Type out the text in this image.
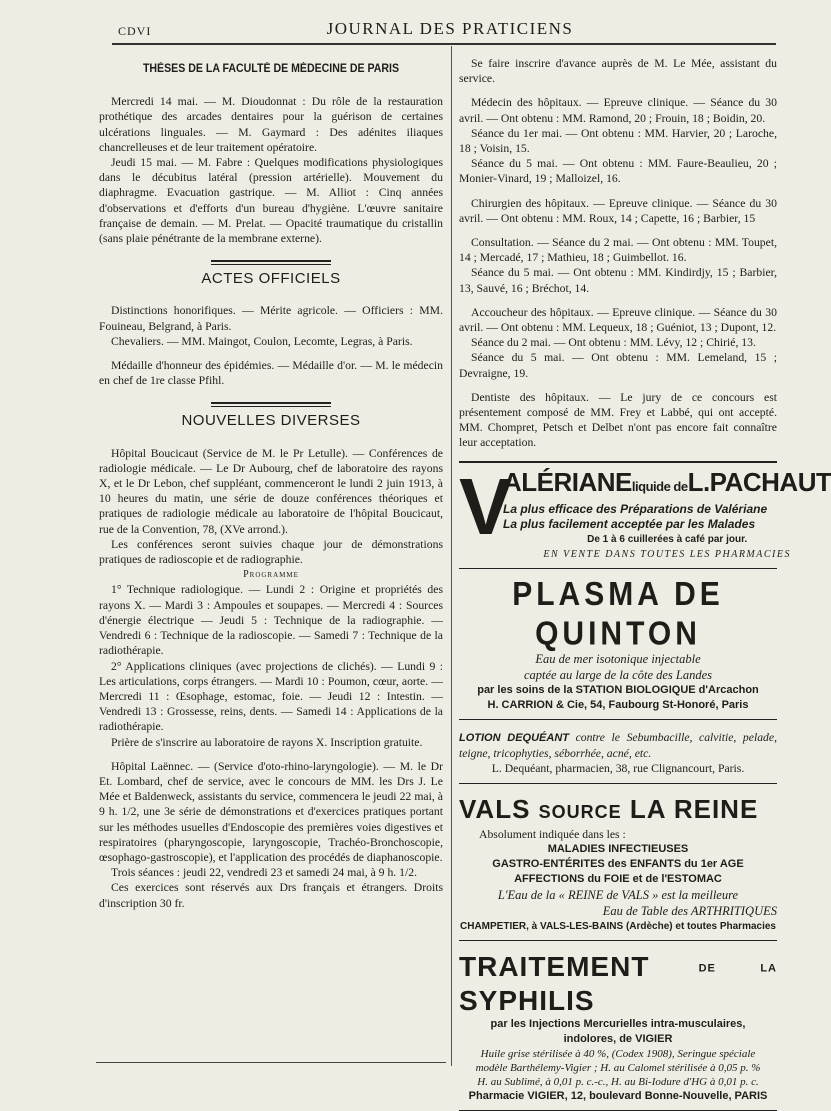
CDVI	JOURNAL DES PRATICIENS
THÈSES DE LA FACULTÉ DE MÉDECINE DE PARIS

Mercredi 14 mai. — M. Dioudonnat : Du rôle de la restauration prothétique des arcades dentaires pour la guérison de certaines ulcérations linguales. — M. Gaymard : Des adénites iliaques chancrelleuses et de leur traitement opératoire.

Jeudi 15 mai. — M. Fabre : Quelques modifications physiologiques dans le décubitus latéral (pression artérielle). Mouvement du diaphragme. Evacuation gastrique. — M. Alliot : Cinq années d'observations et d'efforts d'un bureau d'hygiène. L'œuvre sanitaire française de demain. — M. Prelat. — Opacité traumatique du cristallin (sans plaie pénétrante de la membrane externe).

ACTES OFFICIELS

Distinctions honorifiques. — Mérite agricole. — Officiers : MM. Fouineau, Belgrand, à Paris.

Chevaliers. — MM. Maingot, Coulon, Lecomte, Legras, à Paris.

Médaille d'honneur des épidémies. — Médaille d'or. — M. le médecin en chef de 1re classe Pfihl.

NOUVELLES DIVERSES

Hôpital Boucicaut (Service de M. le Pr Letulle). — Conférences de radiologie médicale. — Le Dr Aubourg, chef de laboratoire des rayons X, et le Dr Lebon, chef suppléant, commenceront le lundi 2 juin 1913, à 10 heures du matin, une série de douze conférences théoriques et pratiques de radiologie médicale au laboratoire de l'hôpital Boucicaut, rue de la Convention, 78, (XVe arrond.).

Les conférences seront suivies chaque jour de démonstrations pratiques de radioscopie et de radiographie.

Programme

1° Technique radiologique. — Lundi 2 : Origine et propriétés des rayons X. — Mardi 3 : Ampoules et soupapes. — Mercredi 4 : Sources d'énergie électrique — Jeudi 5 : Technique de la radiographie. — Vendredi 6 : Technique de la radioscopie. — Samedi 7 : Technique de la radiothérapie.

2° Applications cliniques (avec projections de clichés). — Lundi 9 : Les articulations, corps étrangers. — Mardi 10 : Poumon, cœur, aorte. — Mercredi 11 : Œsophage, estomac, foie. — Jeudi 12 : Intestin. — Vendredi 13 : Grossesse, reins, dents. — Samedi 14 : Applications de la radiothérapie.

Prière de s'inscrire au laboratoire de rayons X. Inscription gratuite.

Hôpital Laënnec. — (Service d'oto-rhino-laryngologie). — M. le Dr Et. Lombard, chef de service, avec le concours de MM. les Drs J. Le Mée et Baldenweck, assistants du service, commencera le jeudi 22 mai, à 9 h. 1/2, une 3e série de démonstrations et d'exercices pratiques portant sur les méthodes usuelles d'Endoscopie des premières voies digestives et respiratoires (pharyngoscopie, laryngoscopie, Trachéo-Bronchoscopie, œsophago-gastroscopie), et l'application des procédés de diaphanoscopie.

Trois séances : jeudi 22, vendredi 23 et samedi 24 mai, à 9 h. 1/2.

Ces exercices sont réservés aux Drs français et étrangers. Droits d'inscription 30 fr.

Se faire inscrire d'avance auprès de M. Le Mée, assistant du service.

Médecin des hôpitaux. — Epreuve clinique. — Séance du 30 avril. — Ont obtenu : MM. Ramond, 20 ; Frouin, 18 ; Boidin, 20.

Séance du 1er mai. — Ont obtenu : MM. Harvier, 20 ; Laroche, 18 ; Voisin, 15.

Séance du 5 mai. — Ont obtenu : MM. Faure-Beaulieu, 20 ; Monier-Vinard, 19 ; Malloizel, 16.

Chirurgien des hôpitaux. — Epreuve clinique. — Séance du 30 avril. — Ont obtenu : MM. Roux, 14 ; Capette, 16 ; Barbier, 15

Consultation. — Séance du 2 mai. — Ont obtenu : MM. Toupet, 14 ; Mercadé, 17 ; Mathieu, 18 ; Guimbellot. 16.

Séance du 5 mai. — Ont obtenu : MM. Kindirdjy, 15 ; Barbier, 13, Sauvé, 16 ; Bréchot, 14.

Accoucheur des hôpitaux. — Epreuve clinique. — Séance du 30 avril. — Ont obtenu : MM. Lequeux, 18 ; Guéniot, 13 ; Dupont, 12.

Séance du 2 mai. — Ont obtenu : MM. Lévy, 12 ; Chirié, 13.

Séance du 5 mai. — Ont obtenu : MM. Lemeland, 15 ; Devraigne, 19.

Dentiste des hôpitaux. — Le jury de ce concours est présentement composé de MM. Frey et Labbé, qui ont accepté. MM. Chompret, Petsch et Delbet n'ont pas encore fait connaître leur acceptation.

V
ALÉRIANEliquide deL.PACHAUT
La plus efficace des Préparations de Valériane
La plus facilement acceptée par les Malades
De 1 à 6 cuillerées à café par jour.
EN VENTE DANS TOUTES LES PHARMACIES
PLASMA DE QUINTON
Eau de mer isotonique injectable
captée au large de la côte des Landes
par les soins de la STATION BIOLOGIQUE d'Arcachon
H. CARRION & Cie, 54, Faubourg St-Honoré, Paris
LOTION DEQUÉANT contre le Sebumbacille, calvitie, pelade, teigne, tricophyties, séborrhée, acné, etc.
L. Dequéant, pharmacien, 38, rue Clignancourt, Paris.
VALS SOURCE LA REINE
Absolument indiquée dans les :
MALADIES INFECTIEUSES
GASTRO-ENTÉRITES des ENFANTS du 1er AGE
AFFECTIONS du FOIE et de l'ESTOMAC
L'Eau de la « REINE de VALS » est la meilleure
Eau de Table des ARTHRITIQUES
CHAMPETIER, à VALS-LES-BAINS (Ardèche) et toutes Pharmacies
TRAITEMENT	DE LA SYPHILIS
par les Injections Mercurielles intra-musculaires,
indolores, de VIGIER
Huile grise stérilisée à 40 %, (Codex 1908), Seringue spéciale
modèle Barthélemy-Vigier ; H. au Calomel stérilisée à 0,05 p. %
H. au Sublimé, à 0,01 p. c.-c., H. au Bi-Iodure d'HG à 0,01 p. c.
Pharmacie VIGIER, 12, boulevard Bonne-Nouvelle, PARIS
